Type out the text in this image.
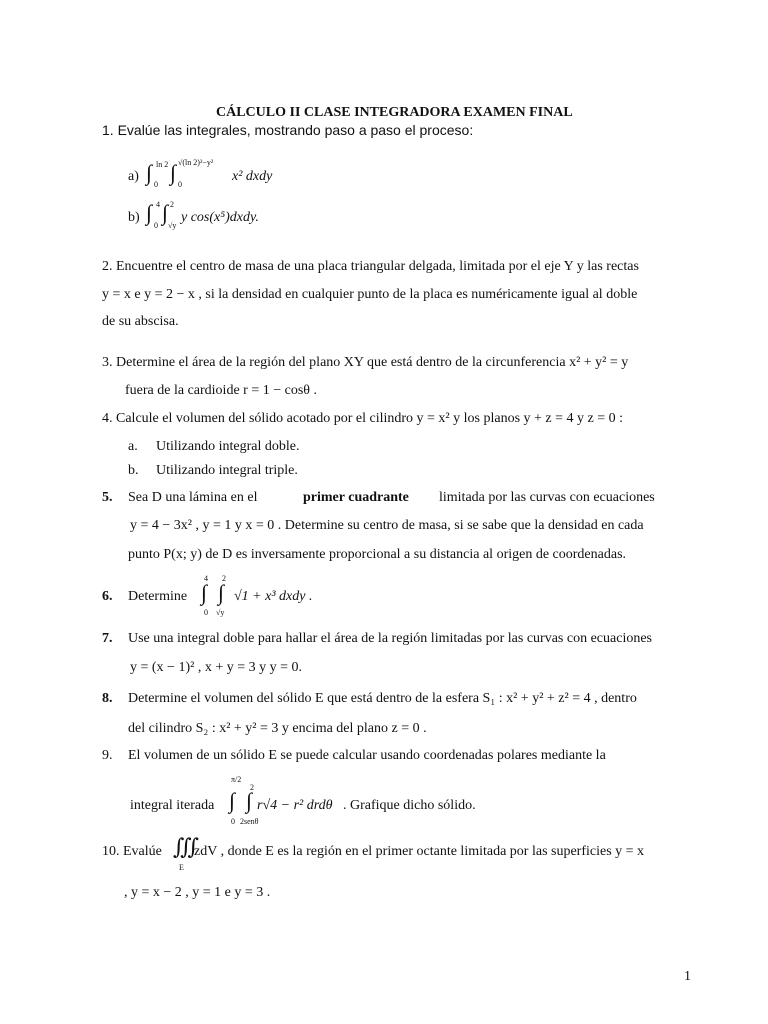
CÁLCULO II CLASE INTEGRADORA EXAMEN FINAL
1. Evalúe las integrales, mostrando paso a paso el proceso:
a) ∫ ln 2
0 ∫ √(ln 2)²−y²
0
x² dxdy
b) ∫ 4
0
∫ 2
√y
y cos(x⁵)dxdy.
2. Encuentre el centro de masa de una placa triangular delgada, limitada por el eje Y y las rectas
y = x e y = 2 − x , si la densidad en cualquier punto de la placa es numéricamente igual al doble
de su abscisa.
3. Determine el área de la región del plano XY que está dentro de la circunferencia x² + y² = y
fuera de la cardioide r = 1 − cosθ .
4. Calcule el volumen del sólido acotado por el cilindro y = x² y los planos y + z = 4 y z = 0 :
a. Utilizando integral doble.
b. Utilizando integral triple.
5. Sea D una lámina en el	primer cuadrante limitada por las curvas con ecuaciones
y = 4 − 3x² , y = 1 y x = 0 . Determine su centro de masa, si se sabe que la densidad en cada
punto P(x; y) de D es inversamente proporcional a su distancia al origen de coordenadas.
6. Determine
4
∫
0
2
∫
√y
√1 + x³ dxdy .
7. Use una integral doble para hallar el área de la región limitadas por las curvas con ecuaciones
y = (x − 1)² , x + y = 3 y y = 0.
8. Determine el volumen del sólido E que está dentro de la esfera S₁ : x² + y² + z² = 4 , dentro
del cilindro S₂ : x² + y² = 3 y encima del plano z = 0 .
9. El volumen de un sólido E se puede calcular usando coordenadas polares mediante la
integral iterada
π/2
∫
0
2
∫
2senθ
r√4 − r² drdθ . Grafique dicho sólido.
10. Evalúe ∭
E
zdV , donde E es la región en el primer octante limitada por las superficies y = x
, y = x − 2 , y = 1 e y = 3 .
1
